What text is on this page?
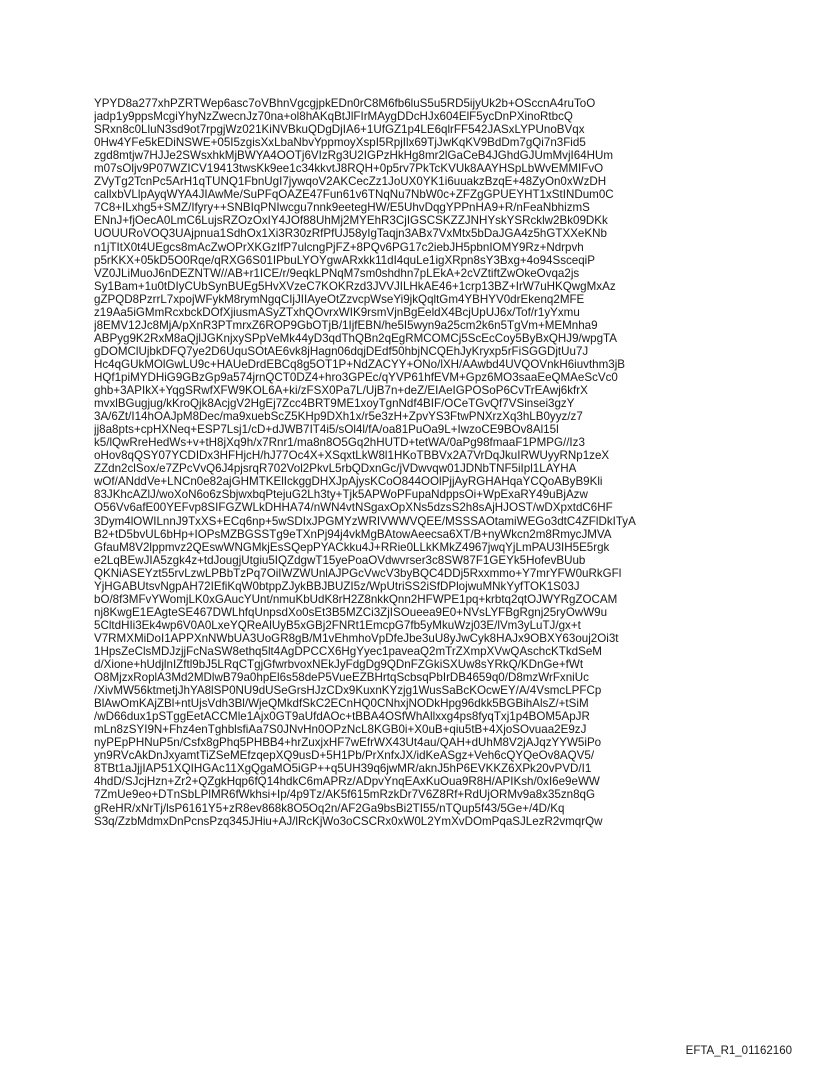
YPYD8a277xhPZRTWep6asc7oVBhnVgcgjpkEDn0rC8M6fb6luS5u5RD5ijyUk2b+OSccnA4ruToO
jadp1y9ppsMcgiYhyNzZwecnJz70na+ol8hAKqBtJlFIrMAygDDcHJx604ElF5ycDnPXinoRtbcQ
SRxn8c0LluN3sd9ot7rpgjWz021KiNVBkuQDgDjIA6+1UfGZ1p4LE6qlrFF542JASxLYPUnoBVqx
0Hw4YFe5kEDiNSWE+05I5zgisXxLbaNbvYppmoyXspI5RpjIlx69TjJwKqKV9BdDm7gQi7n3Fid5
zgd8mtjw7HJJe2SWsxhkMjBWYA4OOTj6VIzRg3U2IGPzHkHg8mr2lGaCeB4JGhdGJUmMvjI64HUm
m07sOljv9P07WZICV19413twsKk9ee1c34kkvtJ8RQH+0p5rv7PkTcKVUk8AAYHSpLbWvEMMIFvO
ZVyTg2TcnPc5ArH1qTUNQ1FbnUgI7jywqoV2AKCecZz1JoUX0YK1i6uuakzBzqE+48ZyOn0xWzDH
callxbVLlpAyqWYA4JIAwMe/SuPFqOAZE47Fun61v6TNqNu7NbW0c+ZFZgGPUEYHT1xStINDum0C
7C8+ILxhg5+SMZ/Ifyry++SNBIqPNIwcgu7nnk9eetegHW/E5UhvDqgYPPnHA9+R/nFeaNbhizmS
ENnJ+fjOecA0LmC6LujsRZOzOxIY4JOf88UhMj2MYEhR3CjIGSCSKZZJNHYskYSRcklw2Bk09DKk
UOUURoVOQ3UAjpnua1SdhOx1Xi3R30zRfPfUJ58yIgTaqjn3ABx7VxMtx5bDaJGA4z5hGTXXeKNb
n1jTItX0t4UEgcs8mAcZwOPrXKGzIfP7ulcngPjFZ+8PQv6PG17c2iebJH5pbnIOMY9Rz+Ndrpvh
p5rKKX+05kD5O0Rqe/qRXG6S01IPbuLYOYgwARxkk11dI4quLe1igXRpn8sY3Bxg+4o94SsceqiP
VZ0JLiMuoJ6nDEZNTW//AB+r1ICE/r/9eqkLPNqM7sm0shdhn7pLEkA+2cVZtiftZwOkeOvqa2js
Sy1Bam+1u0tDIyCUbSynBUEg5HvXVzeC7KOKRzd3JVVJILHkAE46+1crp13BZ+IrW7uHKQwgMxAz
gZPQD8PzrrL7xpojWFykM8rymNgqCIjJIIAyeOtZzvcpWseYi9jkQqltGm4YBHYV0drEkenq2MFE
z19Aa5iGMmRcxbckDOfXjiusmASyZTxhQOvrxWIK9rsmVjnBgEeldX4BcjUpUJ6x/Tof/r1yYxmu
j8EMV12Jc8MjA/pXnR3PTmrxZ6ROP9GbOTjB/1IjfEBN/he5I5wyn9a25cm2k6n5TgVm+MEMnha9
ABPyg9K2RxM8aQjlJGKnjxySPpVeMk44yD3qdThQBn2qEgRMCOMCj5ScEcCoy5ByBxQHJ9/wpgTA
gDOMClUjbkDFQ7ye2D6UquSOtAE6vk8jHagn06dqjDEdf50hbjNCQEhJyKryxp5rFiSGGDjtUu7J
Hc4qGUkMOlGwLU9c+HAUeDrdEBCq8g5OT1P+NdZACYY+ONo/lXH/AAwbd4UVQOVnkH6iuvthm3jB
HQf1piMYDHiG9GBzGp9a574jrnQCT0DZ4+hro3GPEc/qYVP61hfEVM+Gpz6MO3saaEeQMAeScVc0
ghb+3APIkX+YqgSRwfXFW9KOL6A+ki/zFSX0Pa7L/UjB7n+deZ/EIAeIGPOSoP6CvTrEAwj6kfrX
mvxlBGugjug/kKroQjk8AcjgV2HgEj7Zcc4BRT9ME1xoyTgnNdf4BIF/OCeTGvQf7VSinsei3gzY
3A/6Zt/I14hOAJpM8Dec/ma9xuebScZ5KHp9DXh1x/r5e3zH+ZpvYS3FtwPNXrzXq3hLB0yyz/z7
jj8a8pts+cpHXNeq+ESP7Lsj1/cD+dJWB7IT4i5/sOl4l/fA/oa81PuOa9L+IwzoCE9BOv8Al15l
k5/lQwRreHedWs+v+tH8jXq9h/x7Rnr1/ma8n8O5Gq2hHUTD+tetWA/0aPg98fmaaF1PMPG//Iz3
oHov8qQSY07YCDIDx3HFHjcH/hJ77Oc4X+XSqxtLkW8l1HKoTBBVx2A7VrDqJkuIRWUyyRNp1zeX
ZZdn2clSox/e7ZPcVvQ6J4pjsrqR702Vol2PkvL5rbQDxnGc/jVDwvqw01JDNbTNF5iIpl1LAYHA
wOf/ANddVe+LNCn0e82ajGHMTKElIckggDHXJpAjysKCoO844OOlPjjAyRGHAHqaYCQoAByB9Kli
83JKhcAZlJ/woXoN6o6zSbjwxbqPtejuG2Lh3ty+Tjk5APWoPFupaNdppsOi+WpExaRY49uBjAzw
O56Vv6afE00YEFvp8SIFGZWLkDHHA74/nWN4vtNSgaxOpXNs5dzsS2h8sAjHJOST/wDXpxtdC6HF
3Dym4lOWILnnJ9TxXS+ECq6np+5wSDIxJPGMYzWRIVWWVQEE/MSSSAOtamiWEGo3dtC4ZFlDkITyA
B2+tD5bvUL6bHp+IOPsMZBGSSTg9eTXnPj94j4vkMgBAtowAeecsa6XT/B+nyWkcn2m8RmycJMVA
GfauM8V2lppmvz2QEswWNGMkjEsSQepPYACkku4J+RRie0LLkKMkZ4967jwqYjLmPAU3IH5E5rgk
e2LqBEwJIA5zgk4z+tdJougjUtgiu5IQZdgwT15yePoaOVdwvrser3c8SW87F1GEYk5HofevBUub
QKNiASEYzt55rvLzwLPBbTzPq7OiIWZWUnlAJPGcVwcV3byBQC4DDj5Rxxmmo+Y7mrYFW0uRkGFl
YjHGABUtsvNgpAH72IEfiKqW0btppZJykBBJBUZI5z/WpUtriSS2iSfDPlojwuMNkYyfTOK1S03J
bO/8f3MFvYWomjLK0xGAucYUnt/nmuKbUdK8rH2Z8nkkQnn2HFWPE1pq+krbtq2qtOJWYRgZOCAM
nj8KwgE1EAgteSE467DWLhfqUnpsdXo0sEt3B5MZCi3ZjISOueea9E0+NVsLYFBgRgnj25ryOwW9u
5CltdHIi3Ek4wp6V0A0LxeYQReAlUyB5xGBj2FNRt1EmcpG7fb5yMkuWzj03E/lVm3yLuTJ/gx+t
V7RMXMiDoI1APPXnNWbUA3UoGR8gB/M1vEhmhoVpDfeJbe3uU8yJwCyk8HAJx9OBXY63ouj2Oi3t
1HpsZeClsMDJzjjFcNaSW8ethq5lt4AgDPCCX6HgYyec1paveaQ2mTrZXmpXVwQAschcKTkdSeM
d/Xione+hUdjlnIZftl9bJ5LRqCTgjGfwrbvoxNEkJyFdgDg9QDnFZGkiSXUw8sYRkQ/KDnGe+fWt
O8MjzxRoplA3Md2MDlwB79a0hpEl6s58deP5VueEZBHrtqScbsqPbIrDB4659q0/D8mzWrFxniUc
/XivMW56ktmetjJhYA8lSP0NU9dUSeGrsHJzCDx9KuxnKYzjg1WusSaBcKOcwEY/A/4VsmcLPFCp
BlAwOmKAjZBl+ntUjsVdh3Bl/WjeQMkdfSkC2ECnHQ0CNhxjNODkHpg96dkk5BGBihAlsZ/+tSiM
/wD66dux1pSTggEetACCMle1Ajx0GT9aUfdAOc+tBBA4OSfWhAllxxg4ps8fyqTxj1p4BOM5ApJR
mLn8zSYI9N+Fhz4enTghblsfiAa7S0JNvHn0OPzNcL8KGB0i+X0uB+qiu5tB+4XjoSOvuaa2E9zJ
nyPEpPHNuP5n/Csfx8gPhq5PHBB4+hrZuxjxHF7wEfrWX43Ut4au/QAH+dUhM8V2jAJqzYYW5iPo
yn9RVcAkDnJxyamtTiZSeMEfzqepXQ9usD+5H1Pb/PrXnfxJX/idKeASgz+Veh6cQYQeOv8AQV5/
8TBt1aJjjIAP51XQIHGAc11XgQgaMO5iGP++q5UH39q6jwMR/aknJ5hP6EVKKZ6XPk20vPVD/I1
4hdD/SJcjHzn+Zr2+QZgkHqp6fQ14hdkC6mAPRz/ADpvYnqEAxKuOua9R8H/APIKsh/0xI6e9eWW
7ZmUe9eo+DTnSbLPlMR6fWkhsi+Ip/4p9Tz/AK5f615mRzkDr7V6Z8Rf+RdUjORMv9a8x35zn8qG
gReHR/xNrTj/lsP6161Y5+zR8ev868k8O5Oq2n/AF2Ga9bsBi2TI55/nTQup5f43/5Ge+/4D/Kq
S3q/ZzbMdmxDnPcnsPzq345JHiu+AJ/lRcKjWo3oCSCRx0xW0L2YmXvDOmPqaSJLezR2vmqrQw
EFTA_R1_01162160
